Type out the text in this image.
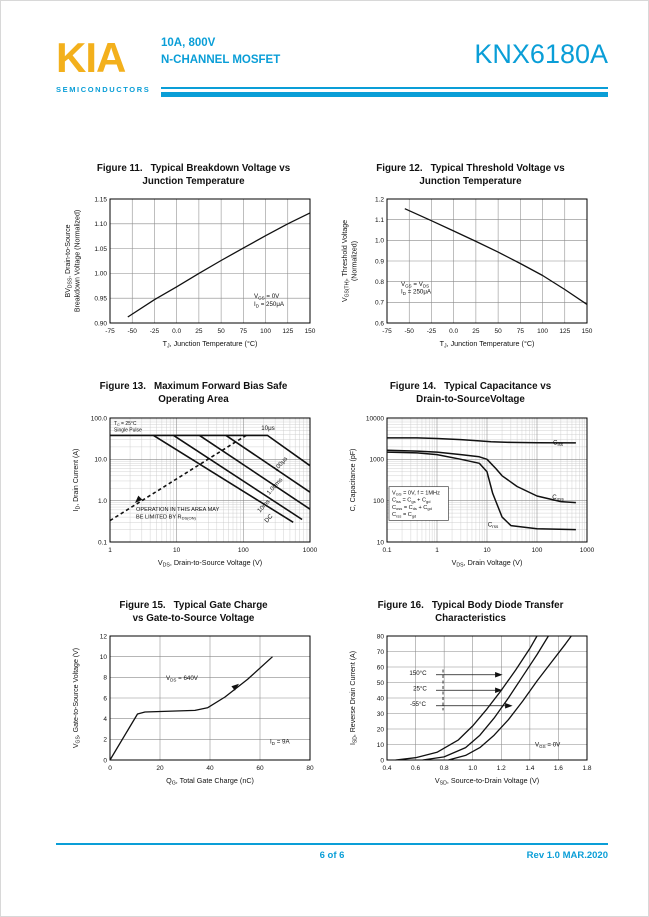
KIA
SEMICONDUCTORS
10A, 800V
N-CHANNEL MOSFET	KNX6180A
Figure 11. Typical Breakdown Voltage vs
Junction Temperature
-75 -50 -25 0.0 25 50 75 100 125 150
0.90
0.95
1.00
1.05
1.10
1.15
$T_J$, Junction Temperature (°C)
$BV_{DSS}$, Drain-to-Source Breakdown Voltage (Normalized)	$V_{GS} = 0V$
$I_D = 250\mu A$
Figure 12. Typical Threshold Voltage vs
Junction Temperature
-75 -50 -25 0.0 25 50 75 100 125 150
0.6
0.7
0.8
0.9
1.0
1.1
1.2
$T_J$, Junction Temperature (°C)
$V_{GS(TH)}$, Threshold Voltage (Normalized)
$V_{GS} = V_{DS}$
$I_D = 250\mu A$
Figure 13. Maximum Forward Bias Safe
Operating Area
1	10	100	1000
0.1
1.0
10.0
100.0
$V_{DS}$, Drain-to-Source Voltage (V)
$I_D$, Drain Current (A)
$T_C = 25^\circ C$
Single Pulse
OPERATION IN THIS AREA MAY
BE LIMITED BY $R_{DS(ON)}$
10μs
100μs
1.00ms
10ms
DC
Figure 14. Typical Capacitance vs
Drain-to-SourceVoltage
0.1	1	10	100	1000
10
100
1000
10000
$V_{DS}$, Drain Voltage (V)
C, Capacitance (pF)	$V_{GS} = 0V$, f = 1MHz
$C_{iss} = C_{gs} + C_{gd}$
$C_{oss} = C_{ds} + C_{gd}$
$C_{rss} = C_{gd}$
$C_{iss}$
$C_{oss}$
$C_{rss}$
Figure 15. Typical Gate Charge
vs Gate-to-Source Voltage
0	20	40	60	80
0
2
4
6
8
10
12
$Q_G$, Total Gate Charge (nC)
$V_{GS}$, Gate-to-Source Voltage (V)	$V_{DS} = 640V$
$I_D = 9A$
Figure 16. Typical Body Diode Transfer
Characteristics
0.4	0.6	0.8	1.0	1.2	1.4	1.6	1.8
0
10
20
30
40
50
60
70
80
$V_{SD}$, Source-to-Drain Voltage (V)
$I_{SD}$, Reverse Drain Current (A)
$V_{GS} = 0V$
150°C
25°C
-55°C
6 of 6	Rev 1.0 MAR.2020
